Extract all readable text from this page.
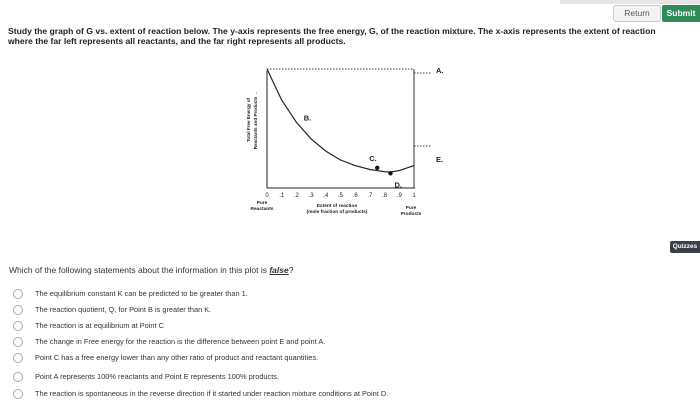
Return	Submit
Study the graph of G vs. extent of reaction below. The y-axis represents the free energy, G, of the reaction mixture. The x-axis represents the extent of reaction where the far left represents all reactants, and the far right represents all products.
Total Free Energy of Reactants and Products →
A.
B.
C.
D.
E.
0 .1 .2 .3 .4 .5 .6 .7 .8 .9 1
Pure
Reactants	Pure
Products
Extent of reaction
(mole fraction of products)
Quizzes
Which of the following statements about the information in this plot is false?
The equilibrium constant K can be predicted to be greater than 1.
The reaction quotient, Q, for Point B is greater than K.
The reaction is at equilibrium at Point C
The change in Free energy for the reaction is the difference between point E and point A.
Point C has a free energy lower than any other ratio of product and reactant quantities.
Point A represents 100% reactants and Point E represents 100% products.
The reaction is spontaneous in the reverse direction if it started under reaction mixture conditions at Point D.
